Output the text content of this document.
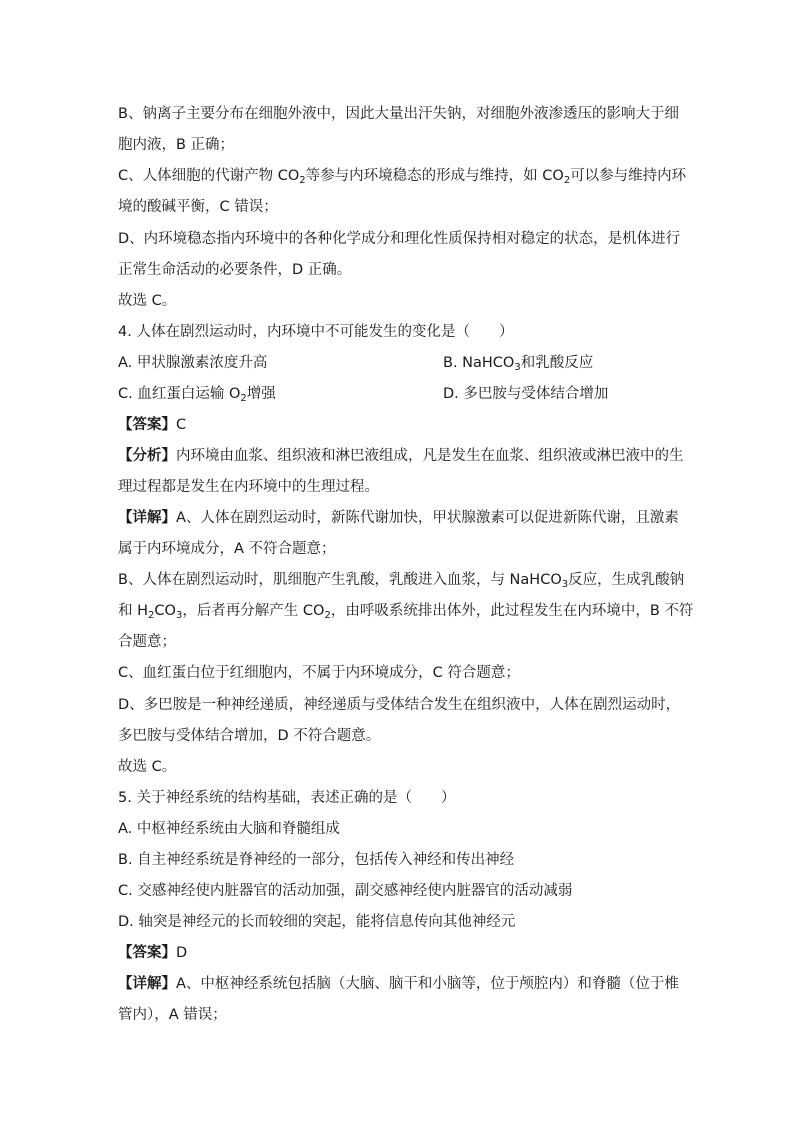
B、钠离子主要分布在细胞外液中，因此大量出汗失钠，对细胞外液渗透压的影响大于细
胞内液，B 正确；
C、人体细胞的代谢产物 $CO_2$等参与内环境稳态的形成与维持，如 $CO_2$可以参与维持内环
境的酸碱平衡，C 错误；
D、内环境稳态指内环境中的各种化学成分和理化性质保持相对稳定的状态，是机体进行
正常生命活动的必要条件，D 正确。
故选 C。
4. 人体在剧烈运动时，内环境中不可能发生的变化是（　　）
A. 甲状腺激素浓度升高	B. NaHCO$_3$和乳酸反应
C. 血红蛋白运输 $O_2$增强	D. 多巴胺与受体结合增加
【答案】C
【分析】内环境由血浆、组织液和淋巴液组成，凡是发生在血浆、组织液或淋巴液中的生
理过程都是发生在内环境中的生理过程。
【详解】A、人体在剧烈运动时，新陈代谢加快，甲状腺激素可以促进新陈代谢，且激素
属于内环境成分，A 不符合题意；
B、人体在剧烈运动时，肌细胞产生乳酸，乳酸进入血浆，与 NaHCO$_3$反应，生成乳酸钠
和 $H_2CO_3$，后者再分解产生 $CO_2$，由呼吸系统排出体外，此过程发生在内环境中，B 不符
合题意；
C、血红蛋白位于红细胞内，不属于内环境成分，C 符合题意；
D、多巴胺是一种神经递质，神经递质与受体结合发生在组织液中，人体在剧烈运动时，
多巴胺与受体结合增加，D 不符合题意。
故选 C。
5. 关于神经系统的结构基础，表述正确的是（　　）
A. 中枢神经系统由大脑和脊髓组成
B. 自主神经系统是脊神经的一部分，包括传入神经和传出神经
C. 交感神经使内脏器官的活动加强，副交感神经使内脏器官的活动减弱
D. 轴突是神经元的长而较细的突起，能将信息传向其他神经元
【答案】D
【详解】A、中枢神经系统包括脑（大脑、脑干和小脑等，位于颅腔内）和脊髓（位于椎
管内），A 错误；
